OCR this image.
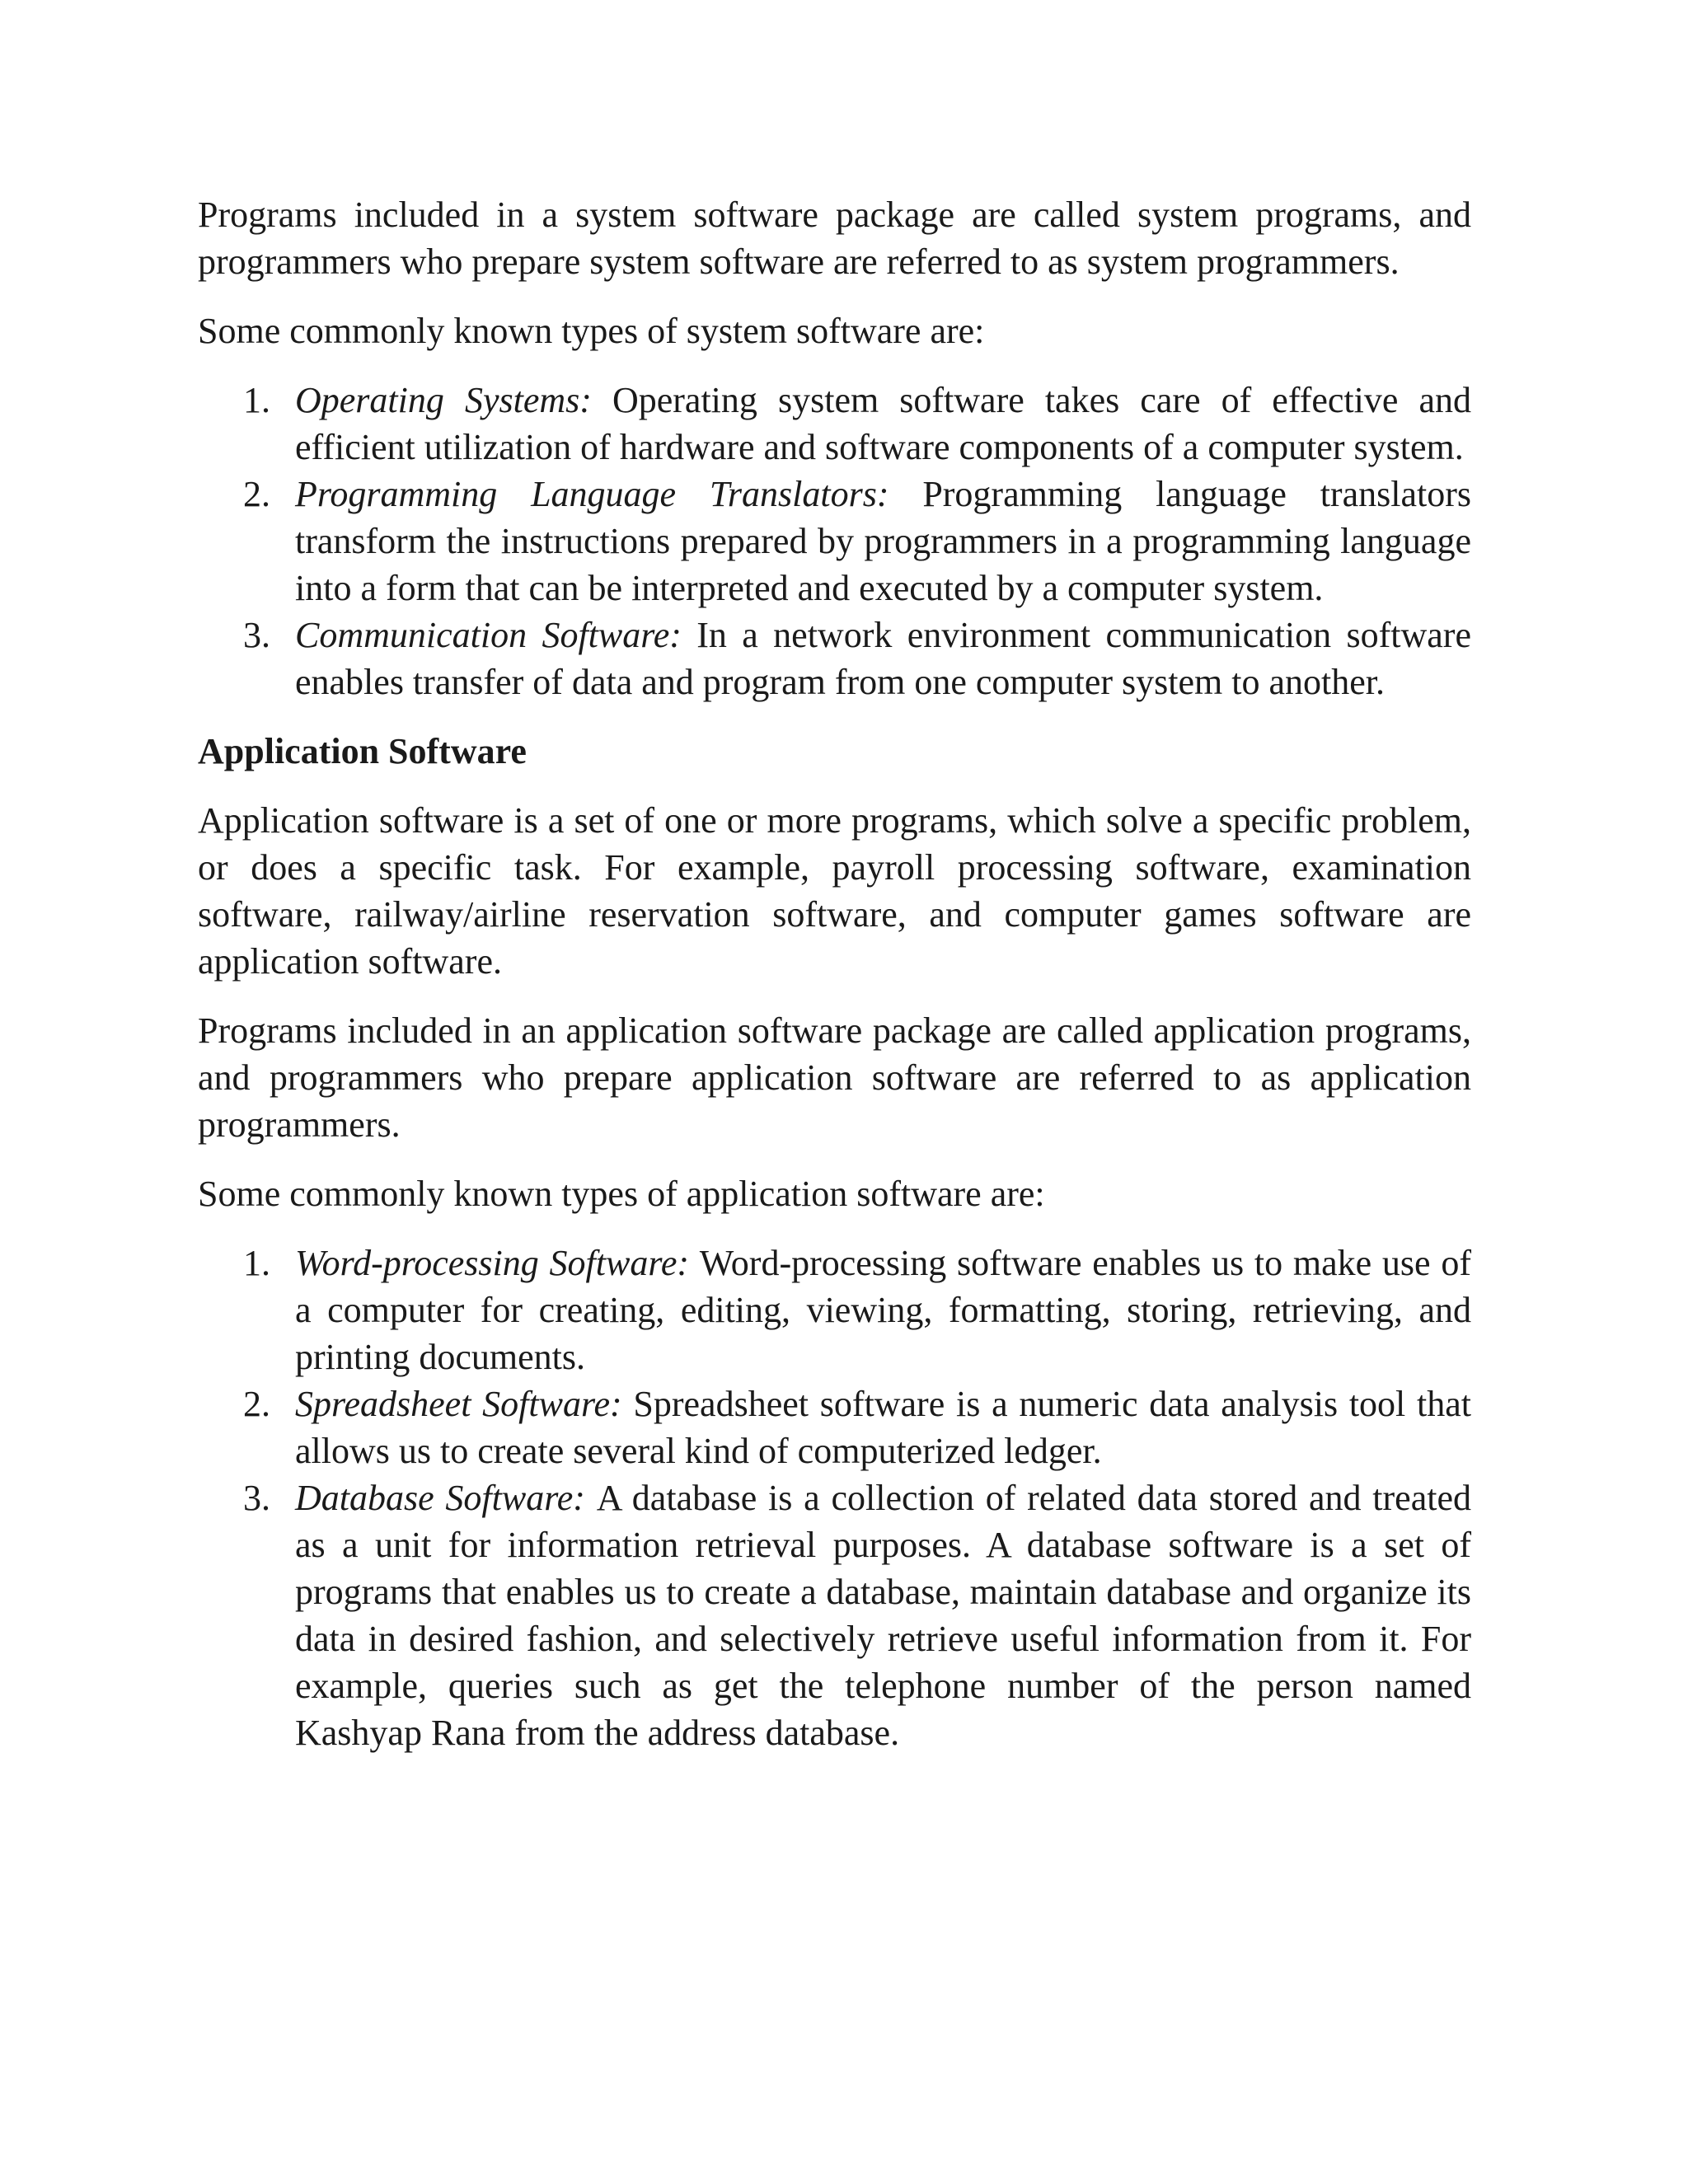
Programs included in a system software package are called system programs, and programmers who prepare system software are referred to as system programmers.

Some commonly known types of system software are:

1. Operating Systems: Operating system software takes care of effective and efficient utilization of hardware and software components of a computer system.
2. Programming Language Translators: Programming language translators transform the instructions prepared by programmers in a programming language into a form that can be interpreted and executed by a computer system.
3. Communication Software: In a network environment communication software enables transfer of data and program from one computer system to another.

Application Software

Application software is a set of one or more programs, which solve a specific problem, or does a specific task. For example, payroll processing software, examination software, railway/airline reservation software, and computer games software are application software.

Programs included in an application software package are called application programs, and programmers who prepare application software are referred to as application programmers.

Some commonly known types of application software are:

1. Word-processing Software: Word-processing software enables us to make use of a computer for creating, editing, viewing, formatting, storing, retrieving, and printing documents.
2. Spreadsheet Software: Spreadsheet software is a numeric data analysis tool that allows us to create several kind of computerized ledger.
3. Database Software: A database is a collection of related data stored and treated as a unit for information retrieval purposes. A database software is a set of programs that enables us to create a database, maintain database and organize its data in desired fashion, and selectively retrieve useful information from it. For example, queries such as get the telephone number of the person named Kashyap Rana from the address database.
